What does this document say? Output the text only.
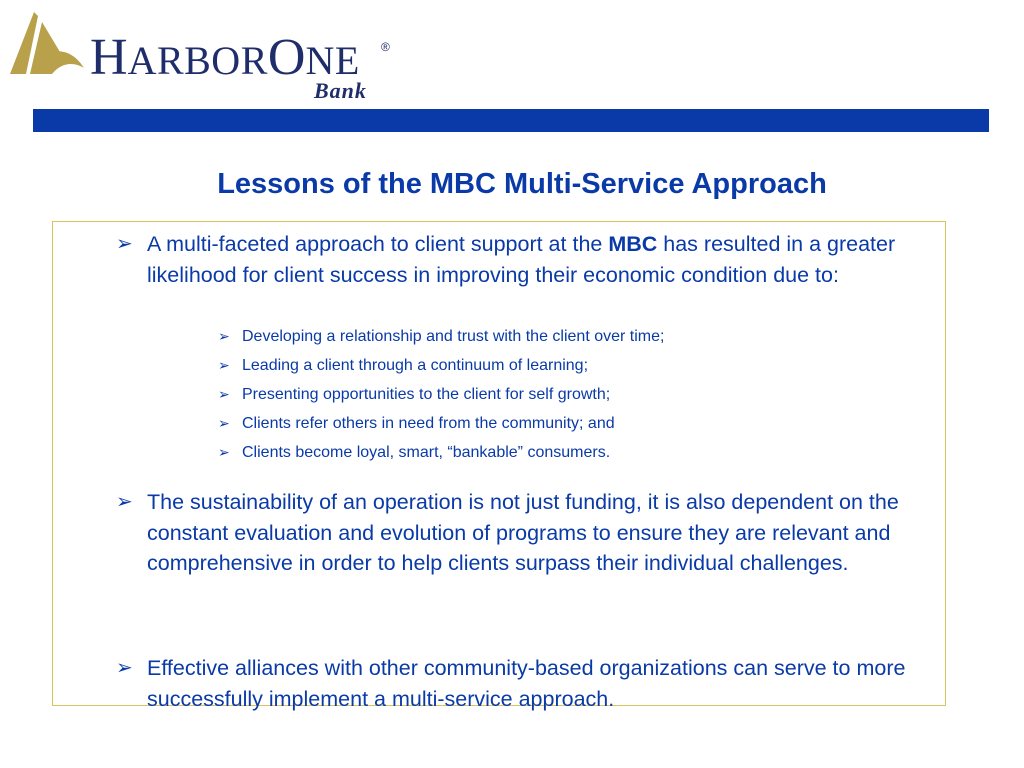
HARBORONE ®
Bank
Lessons of the MBC Multi-Service Approach
➢ A multi-faceted approach to client support at the MBC has resulted in a greater likelihood for client success in improving their economic condition due to:

➢ Developing a relationship and trust with the client over time;

➢ Leading a client through a continuum of learning;

➢ Presenting opportunities to the client for self growth;

➢ Clients refer others in need from the community; and

➢ Clients become loyal, smart, “bankable” consumers.

➢ The sustainability of an operation is not just funding, it is also dependent on the constant evaluation and evolution of programs to ensure they are relevant and comprehensive in order to help clients surpass their individual challenges.

➢ Effective alliances with other community-based organizations can serve to more successfully implement a multi-service approach.
